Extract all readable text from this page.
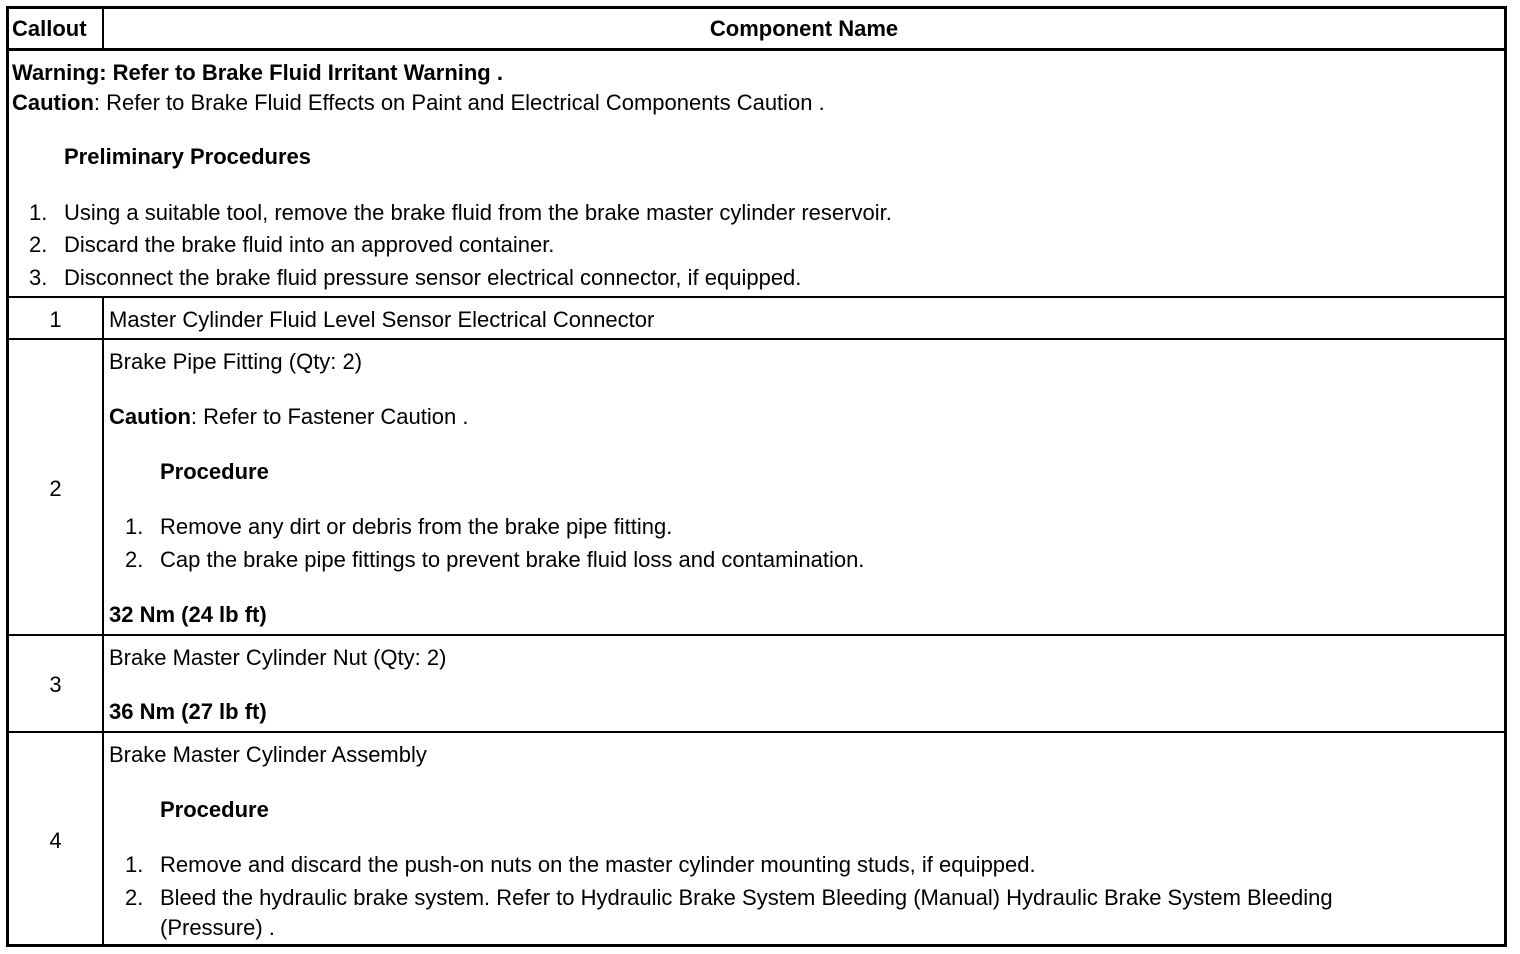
Callout	Component Name
Warning: Refer to Brake Fluid Irritant Warning .
Caution: Refer to Brake Fluid Effects on Paint and Electrical Components Caution .
Preliminary Procedures
1. Using a suitable tool, remove the brake fluid from the brake master cylinder reservoir.
2. Discard the brake fluid into an approved container.
3. Disconnect the brake fluid pressure sensor electrical connector, if equipped.
1	Master Cylinder Fluid Level Sensor Electrical Connector
2
Brake Pipe Fitting (Qty: 2)
Caution: Refer to Fastener Caution .
Procedure
1. Remove any dirt or debris from the brake pipe fitting.
2. Cap the brake pipe fittings to prevent brake fluid loss and contamination.
32 Nm (24 lb ft)
3
Brake Master Cylinder Nut (Qty: 2)
36 Nm (27 lb ft)
4
Brake Master Cylinder Assembly
Procedure
1. Remove and discard the push-on nuts on the master cylinder mounting studs, if equipped.
2. Bleed the hydraulic brake system. Refer to Hydraulic Brake System Bleeding (Manual) Hydraulic Brake System Bleeding
(Pressure) .
